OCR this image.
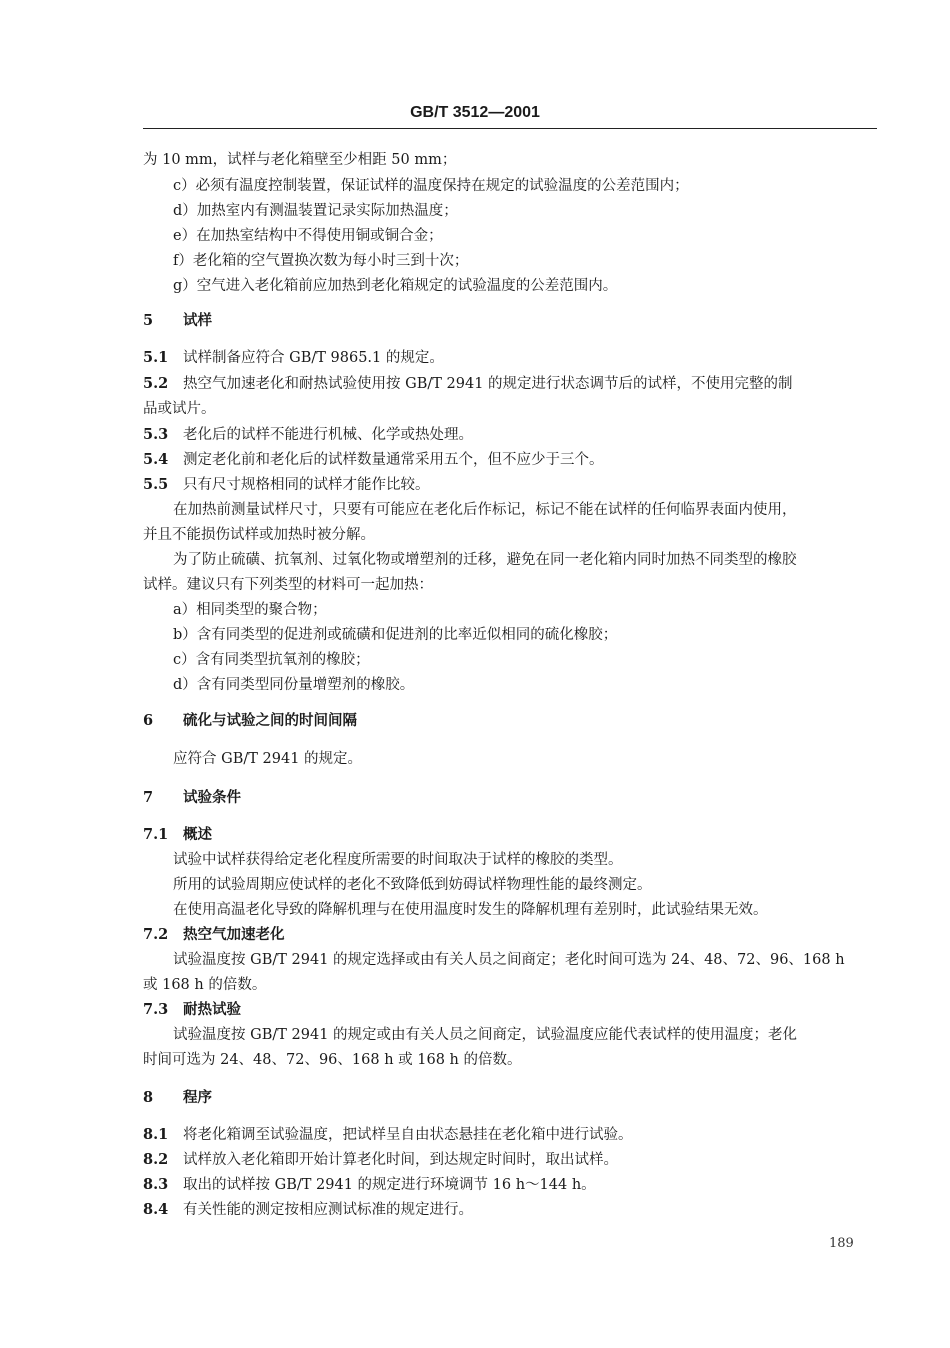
GB/T 3512—2001
为 10 mm，试样与老化箱壁至少相距 50 mm；
c）必须有温度控制装置，保证试样的温度保持在规定的试验温度的公差范围内；
d）加热室内有测温装置记录实际加热温度；
e）在加热室结构中不得使用铜或铜合金；
f）老化箱的空气置换次数为每小时三到十次；
g）空气进入老化箱前应加热到老化箱规定的试验温度的公差范围内。
5 试样
5.1 试样制备应符合 GB/T 9865.1 的规定。
5.2 热空气加速老化和耐热试验使用按 GB/T 2941 的规定进行状态调节后的试样，不使用完整的制
品或试片。
5.3 老化后的试样不能进行机械、化学或热处理。
5.4 测定老化前和老化后的试样数量通常采用五个，但不应少于三个。
5.5 只有尺寸规格相同的试样才能作比较。
在加热前测量试样尺寸，只要有可能应在老化后作标记，标记不能在试样的任何临界表面内使用，
并且不能损伤试样或加热时被分解。
为了防止硫磺、抗氧剂、过氧化物或增塑剂的迁移，避免在同一老化箱内同时加热不同类型的橡胶
试样。建议只有下列类型的材料可一起加热：
a）相同类型的聚合物；
b）含有同类型的促进剂或硫磺和促进剂的比率近似相同的硫化橡胶；
c）含有同类型抗氧剂的橡胶；
d）含有同类型同份量增塑剂的橡胶。
6 硫化与试验之间的时间间隔
应符合 GB/T 2941 的规定。
7 试验条件
7.1 概述
试验中试样获得给定老化程度所需要的时间取决于试样的橡胶的类型。
所用的试验周期应使试样的老化不致降低到妨碍试样物理性能的最终测定。
在使用高温老化导致的降解机理与在使用温度时发生的降解机理有差别时，此试验结果无效。
7.2 热空气加速老化
试验温度按 GB/T 2941 的规定选择或由有关人员之间商定；老化时间可选为 24、48、72、96、168 h
或 168 h 的倍数。
7.3 耐热试验
试验温度按 GB/T 2941 的规定或由有关人员之间商定，试验温度应能代表试样的使用温度；老化
时间可选为 24、48、72、96、168 h 或 168 h 的倍数。
8 程序
8.1 将老化箱调至试验温度，把试样呈自由状态悬挂在老化箱中进行试验。
8.2 试样放入老化箱即开始计算老化时间，到达规定时间时，取出试样。
8.3 取出的试样按 GB/T 2941 的规定进行环境调节 16 h～144 h。
8.4 有关性能的测定按相应测试标准的规定进行。
189
